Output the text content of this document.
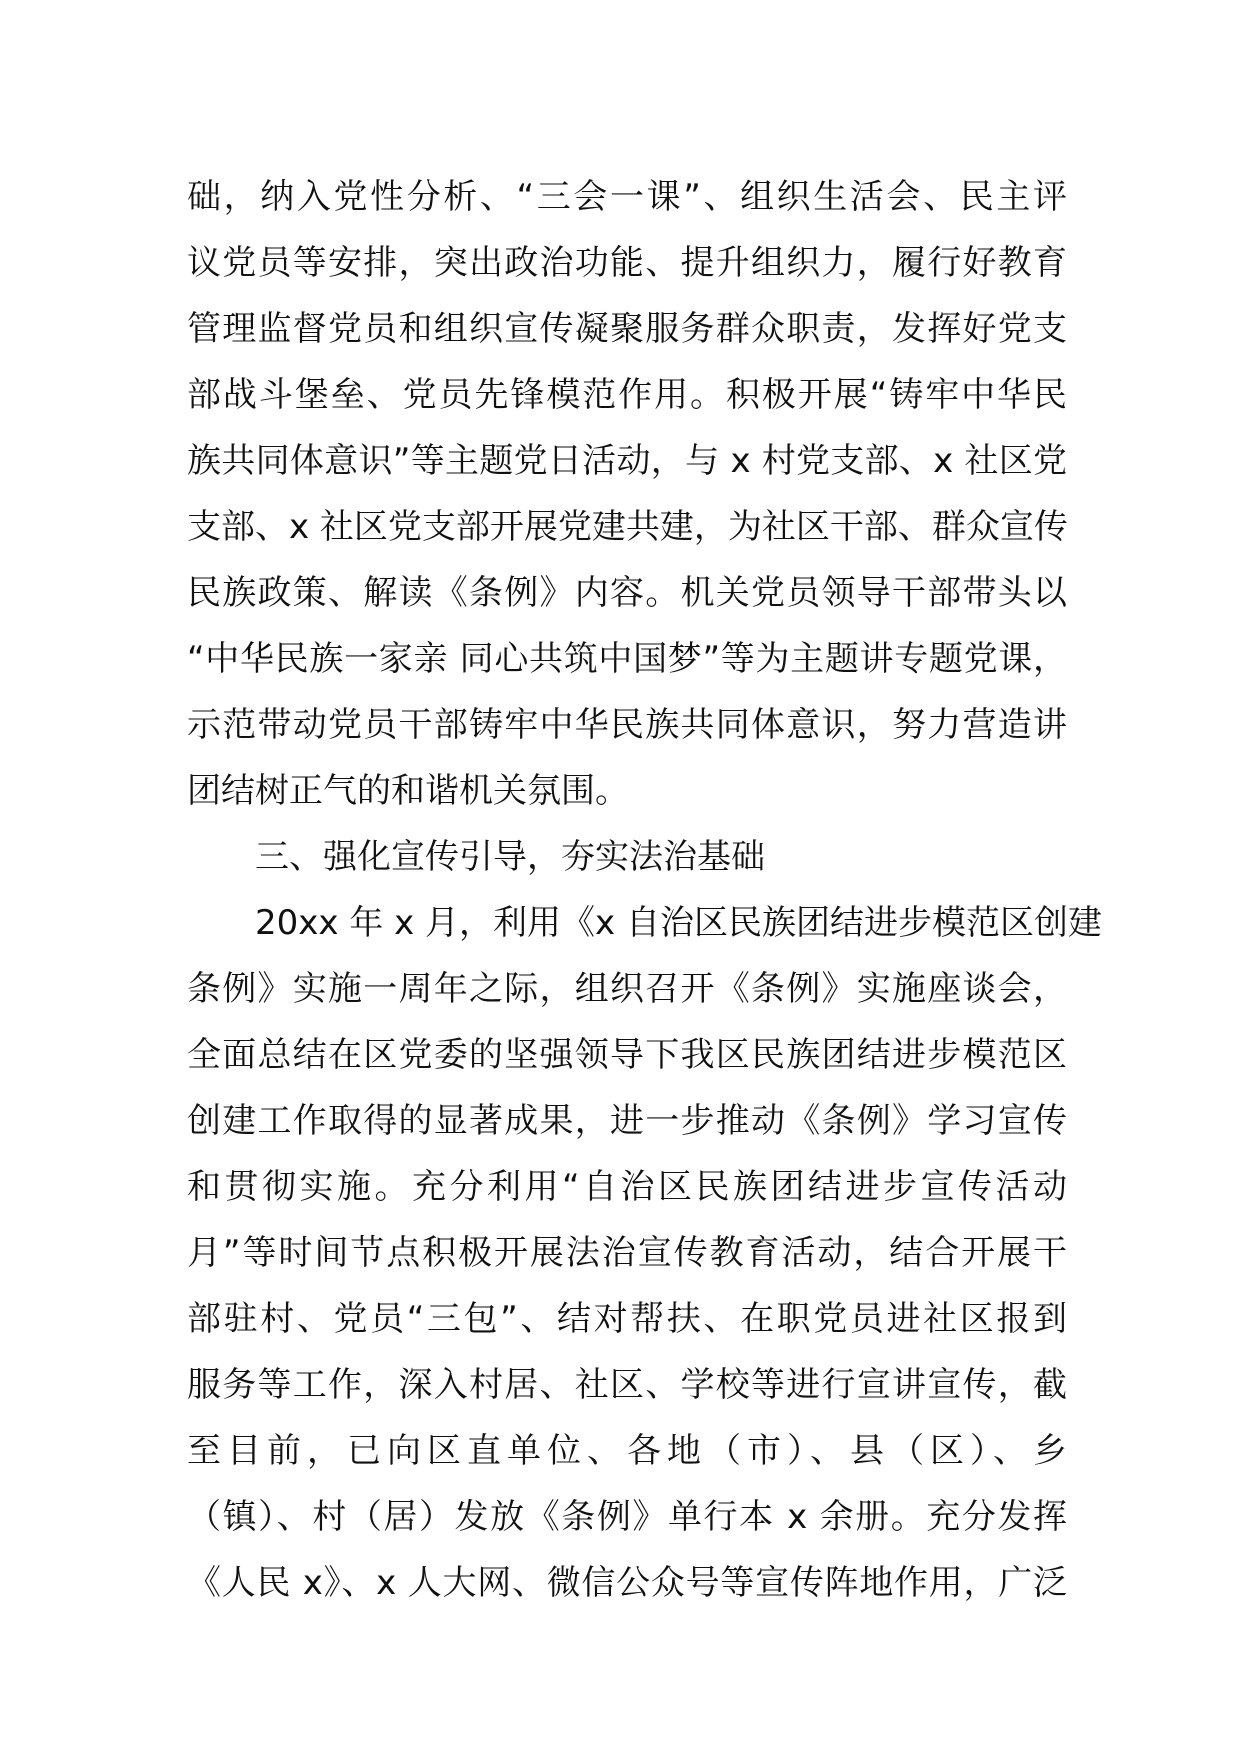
础，纳入党性分析、“三会一课”、组织生活会、民主评
议党员等安排，突出政治功能、提升组织力，履行好教育
管理监督党员和组织宣传凝聚服务群众职责，发挥好党支
部战斗堡垒、党员先锋模范作用。积极开展“铸牢中华民
族共同体意识”等主题党日活动，与 x 村党支部、x 社区党
支部、x 社区党支部开展党建共建，为社区干部、群众宣传
民族政策、解读《条例》内容。机关党员领导干部带头以
“中华民族一家亲 同心共筑中国梦”等为主题讲专题党课，
示范带动党员干部铸牢中华民族共同体意识，努力营造讲
团结树正气的和谐机关氛围。
三、强化宣传引导，夯实法治基础
20xx 年 x 月，利用《x 自治区民族团结进步模范区创建
条例》实施一周年之际，组织召开《条例》实施座谈会，
全面总结在区党委的坚强领导下我区民族团结进步模范区
创建工作取得的显著成果，进一步推动《条例》学习宣传
和贯彻实施。充分利用“自治区民族团结进步宣传活动
月”等时间节点积极开展法治宣传教育活动，结合开展干
部驻村、党员“三包”、结对帮扶、在职党员进社区报到
服务等工作，深入村居、社区、学校等进行宣讲宣传，截
至目前，已向区直单位、各地（市）、县（区）、乡
（镇）、村（居）发放《条例》单行本 x 余册。充分发挥
《人民 x》、x 人大网、微信公众号等宣传阵地作用，广泛
